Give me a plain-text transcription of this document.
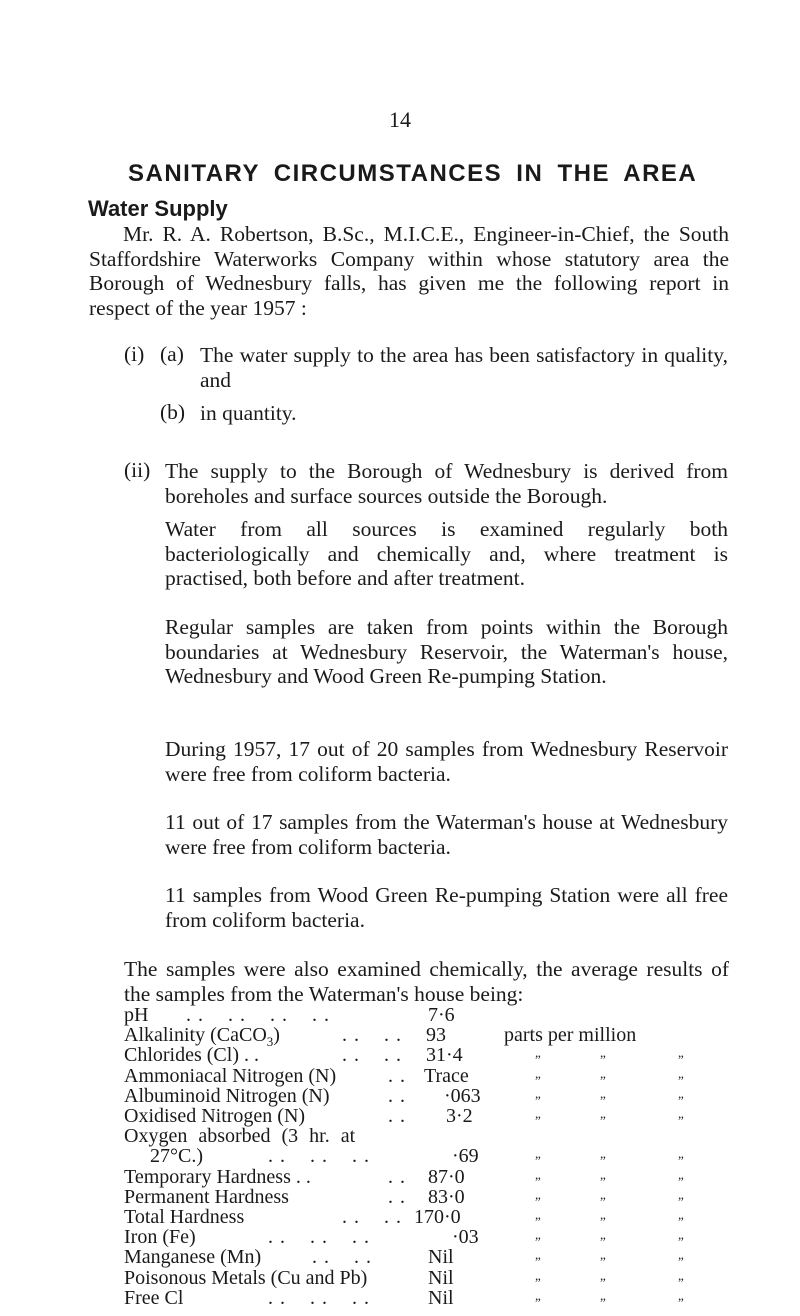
14
SANITARY CIRCUMSTANCES IN THE AREA
Water Supply

Mr. R. A. Robertson, B.Sc., M.I.C.E., Engineer-in-Chief, the South Staffordshire Waterworks Company within whose statutory area the Borough of Wednesbury falls, has given me the following report in respect of the year 1957 :

(i) (a) The water supply to the area has been satisfactory in quality, and
(b) in quantity.
(ii) The supply to the Borough of Wednesbury is derived from boreholes and surface sources outside the Borough.

Water from all sources is examined regularly both bacteriologically and chemically and, where treatment is practised, both before and after treatment.

Regular samples are taken from points within the Borough boundaries at Wednesbury Reservoir, the Waterman's house, Wednesbury and Wood Green Re-pumping Station.

During 1957, 17 out of 20 samples from Wednesbury Reservoir were free from coliform bacteria.

11 out of 17 samples from the Waterman's house at Wednesbury were free from coliform bacteria.

11 samples from Wood Green Re-pumping Station were all free from coliform bacteria.

The samples were also examined chemically, the average results of the samples from the Waterman's house being:

pH . .    . .    . .    . .	7·6
Alkalinity (CaCO$_3$)	. .    . . 93	parts per million
Chlorides (Cl) . .	. .    . . 31·4	”	”	”
Ammoniacal Nitrogen (N)	. . Trace	”	”	”
Albuminoid Nitrogen (N)	. . ·063	”	”	”
Oxidised Nitrogen (N)	. . 3·2	”	”	”
Oxygen absorbed (3 hr. at
27°C.)	. .    . .    . .	·69	”	”	”
Temporary Hardness . .	. . 87·0	”	”	”
Permanent Hardness	. . 83·0	”	”	”
Total Hardness	. .    . . 170·0	”	”	”
Iron (Fe)	. .    . .    . .	·03	”	”	”
Manganese (Mn)	. .    . .	Nil	”	”	”
Poisonous Metals (Cu and Pb)	Nil	”	”	”
Free Cl	. .    . .    . .	Nil	”	”	”
